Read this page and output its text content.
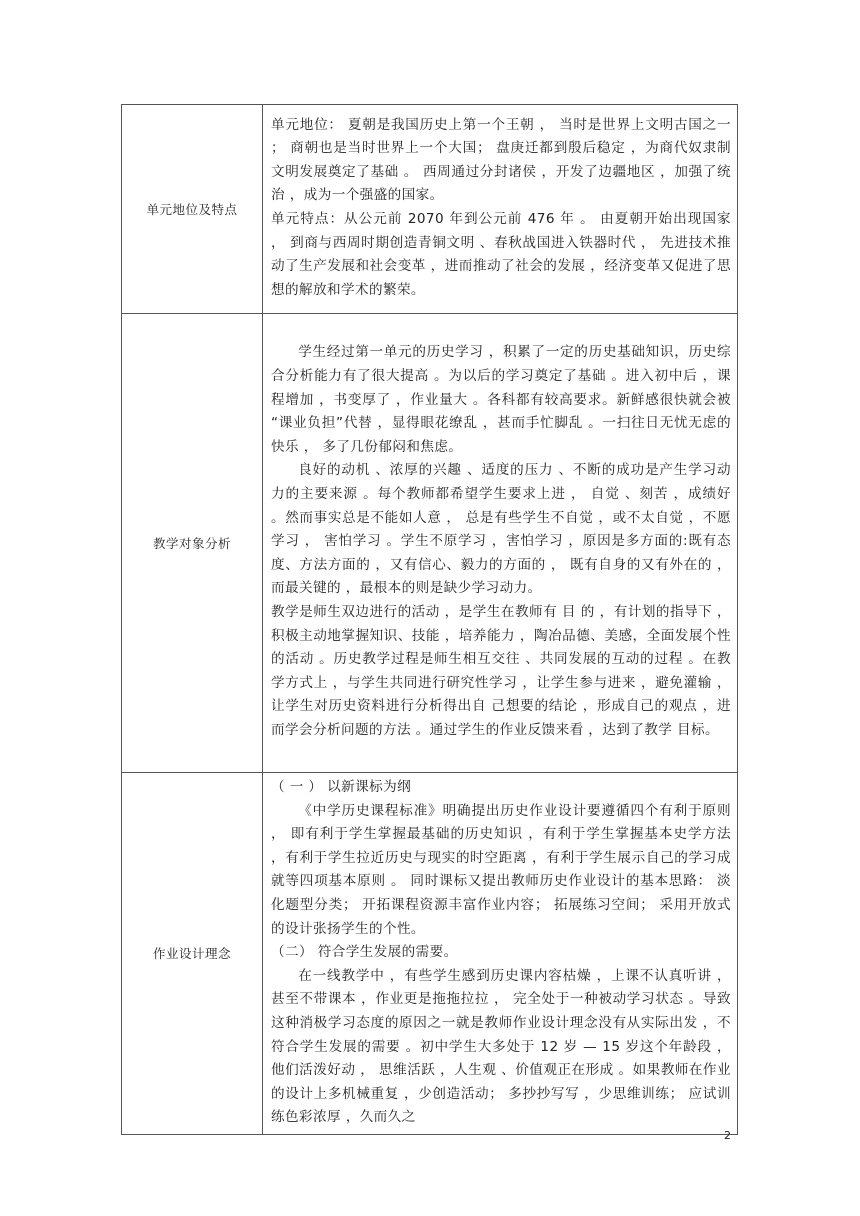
单元地位及特点	单元地位： 夏朝是我国历史上第一个王朝 ， 当时是世界上文明古国之一 ； 商朝也是当时世界上一个大国； 盘庚迁都到殷后稳定 ，为商代奴隶制文明发展奠定了基础 。 西周通过分封诸侯 ，开发了边疆地区 ，加强了统治 ，成为一个强盛的国家。

单元特点：从公元前 2070 年到公元前 476 年 。 由夏朝开始出现国家 ， 到商与西周时期创造青铜文明 、春秋战国进入铁器时代 ， 先进技术推动了生产发展和社会变革 ，进而推动了社会的发展 ，经济变革又促进了思想的解放和学术的繁荣。

教学对象分析	学生经过第一单元的历史学习 ，积累了一定的历史基础知识，历史综合分析能力有了很大提高 。为以后的学习奠定了基础 。进入初中后 ，课程增加 ，书变厚了 ，作业量大 。各科都有较高要求。新鲜感很快就会被 “课业负担”代替 ，显得眼花缭乱 ，甚而手忙脚乱 。一扫往日无忧无虑的快乐 ， 多了几份郁闷和焦虑。

良好的动机 、浓厚的兴趣 、适度的压力 、不断的成功是产生学习动力的主要来源 。每个教师都希望学生要求上进 ， 自觉 、刻苦 ，成绩好 。然而事实总是不能如人意 ， 总是有些学生不自觉 ，或不太自觉 ，不愿学习 ， 害怕学习 。学生不原学习 ，害怕学习 ，原因是多方面的:既有态度、方法方面的 ，又有信心、毅力的方面的 ， 既有自身的又有外在的 ，而最关键的 ，最根本的则是缺少学习动力。

教学是师生双边进行的活动 ，是学生在教师有 目 的 ，有计划的指导下 ，积极主动地掌握知识、技能 ，培养能力 ，陶冶品德、美感，全面发展个性的活动 。历史教学过程是师生相互交往 、共同发展的互动的过程 。在教学方式上 ，与学生共同进行研究性学习 ，让学生参与进来 ，避免灌输 ，让学生对历史资料进行分析得出自 己想要的结论 ，形成自己的观点 ，进而学会分析问题的方法 。通过学生的作业反馈来看 ，达到了教学 目标。

作业设计理念	（ 一 ） 以新课标为纲

《中学历史课程标准》明确提出历史作业设计要遵循四个有利于原则 ， 即有利于学生掌握最基础的历史知识 ，有利于学生掌握基本史学方法 ，有利于学生拉近历史与现实的时空距离 ，有利于学生展示自己的学习成就等四项基本原则 。 同时课标又提出教师历史作业设计的基本思路： 淡化题型分类； 开拓课程资源丰富作业内容； 拓展练习空间； 采用开放式的设计张扬学生的个性。

（二） 符合学生发展的需要。

在一线教学中 ，有些学生感到历史课内容枯燥 ，上课不认真听讲 ，甚至不带课本 ，作业更是拖拖拉拉 ， 完全处于一种被动学习状态 。导致这种消极学习态度的原因之一就是教师作业设计理念没有从实际出发 ，不符合学生发展的需要 。初中学生大多处于 12 岁 — 15 岁这个年龄段 ，他们活泼好动 ， 思维活跃 ，人生观 、价值观正在形成 。如果教师在作业的设计上多机械重复 ，少创造活动； 多抄抄写写 ，少思维训练； 应试训练色彩浓厚 ，久而久之

2
